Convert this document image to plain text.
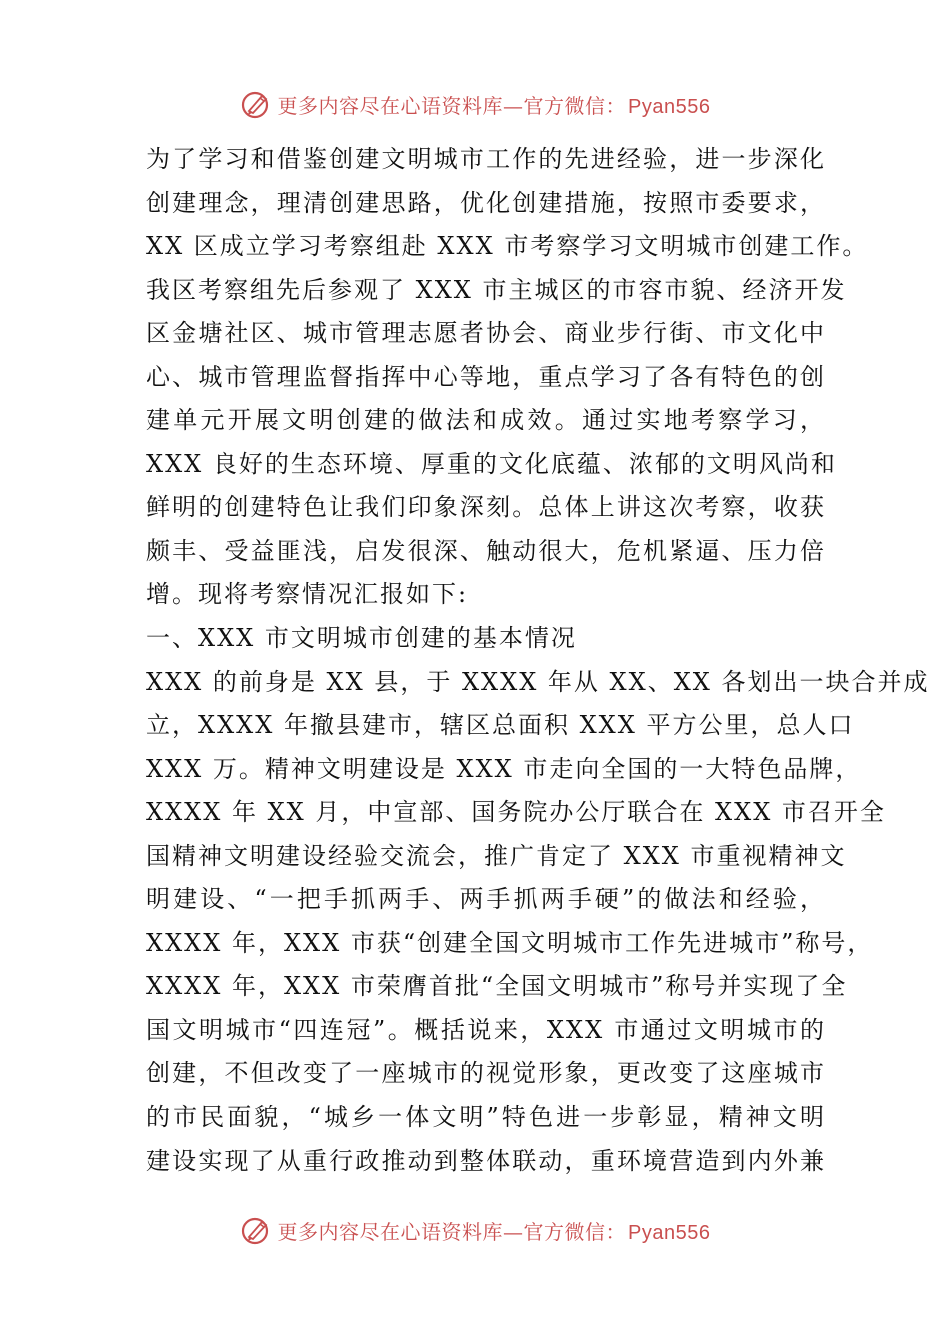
更多内容尽在心语资料库—官方微信： Pyan556
为了学习和借鉴创建文明城市工作的先进经验，进一步深化
创建理念，理清创建思路，优化创建措施，按照市委要求，
XX 区成立学习考察组赴 XXX 市考察学习文明城市创建工作。
我区考察组先后参观了 XXX 市主城区的市容市貌、经济开发
区金塘社区、城市管理志愿者协会、商业步行街、市文化中
心、城市管理监督指挥中心等地，重点学习了各有特色的创
建单元开展文明创建的做法和成效。通过实地考察学习，
XXX 良好的生态环境、厚重的文化底蕴、浓郁的文明风尚和
鲜明的创建特色让我们印象深刻。总体上讲这次考察，收获
颇丰、受益匪浅，启发很深、触动很大，危机紧逼、压力倍
增。现将考察情况汇报如下:
一、XXX 市文明城市创建的基本情况
XXX 的前身是 XX 县，于 XXXX 年从 XX、XX 各划出一块合并成
立，XXXX 年撤县建市，辖区总面积 XXX 平方公里，总人口
XXX 万。精神文明建设是 XXX 市走向全国的一大特色品牌，
XXXX 年 XX 月，中宣部、国务院办公厅联合在 XXX 市召开全
国精神文明建设经验交流会，推广肯定了 XXX 市重视精神文
明建设、“一把手抓两手、两手抓两手硬”的做法和经验，
XXXX 年，XXX 市获“创建全国文明城市工作先进城市”称号，
XXXX 年，XXX 市荣膺首批“全国文明城市”称号并实现了全
国文明城市“四连冠”。概括说来，XXX 市通过文明城市的
创建，不但改变了一座城市的视觉形象，更改变了这座城市
的市民面貌，“城乡一体文明”特色进一步彰显，精神文明
建设实现了从重行政推动到整体联动，重环境营造到内外兼
更多内容尽在心语资料库—官方微信： Pyan556
